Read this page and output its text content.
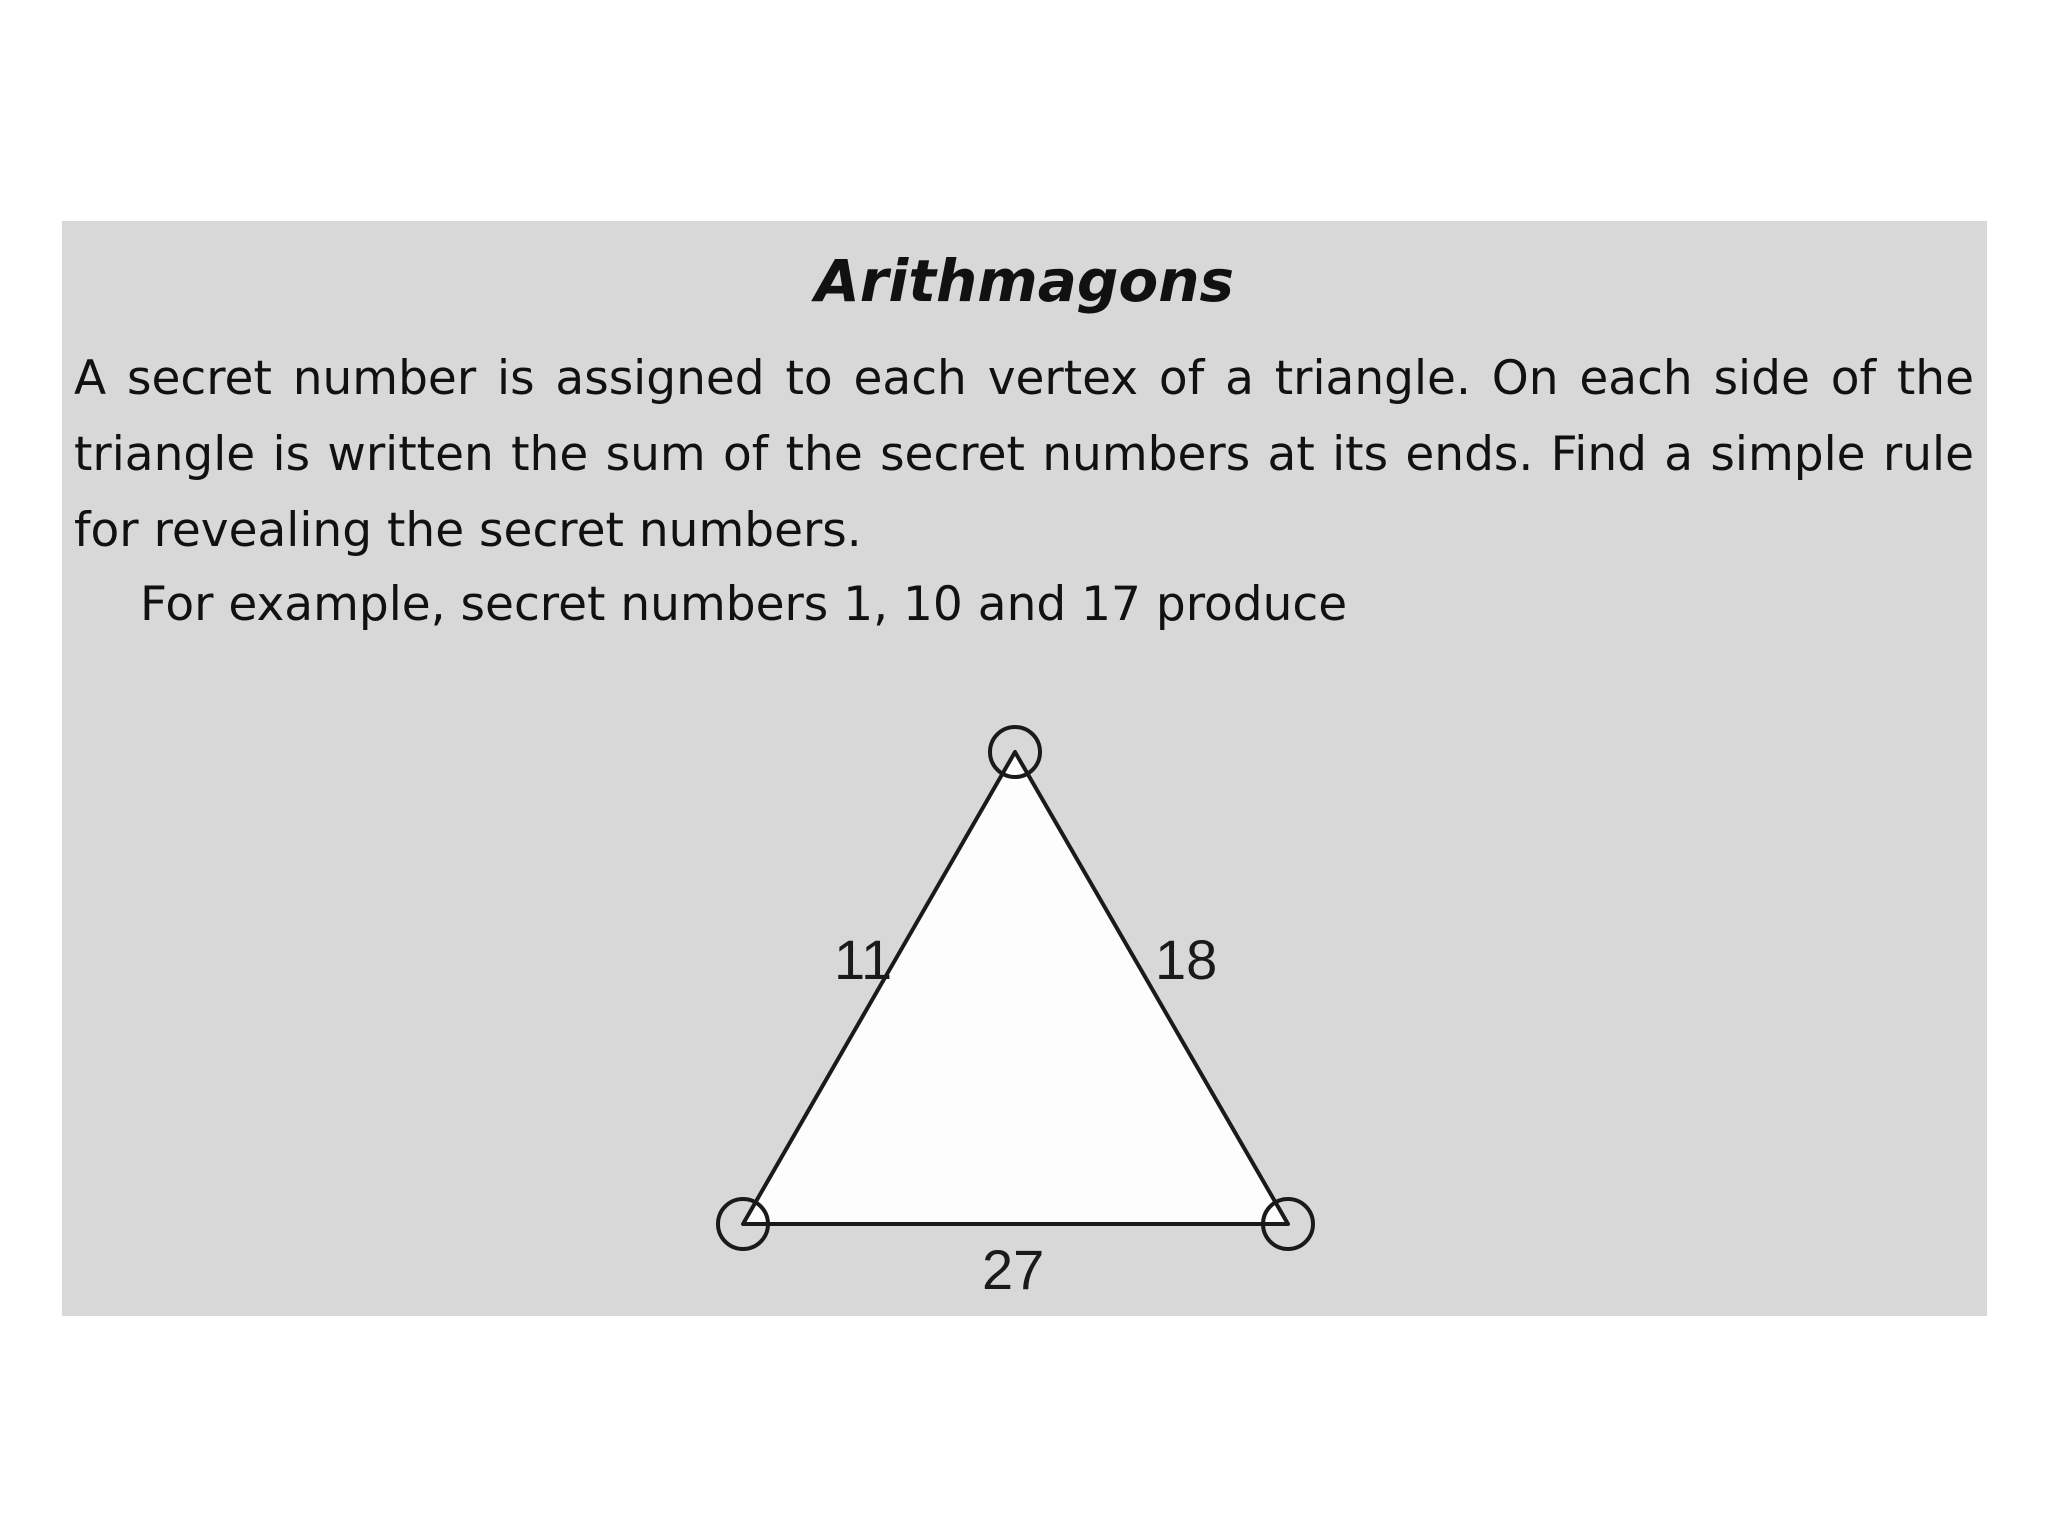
Arithmagons

A secret number is assigned to each vertex of a triangle. On each side of the triangle is written the sum of the secret numbers at its ends. Find a simple rule for revealing the secret numbers.

For example, secret numbers 1, 10 and 17 produce

11	18
27
